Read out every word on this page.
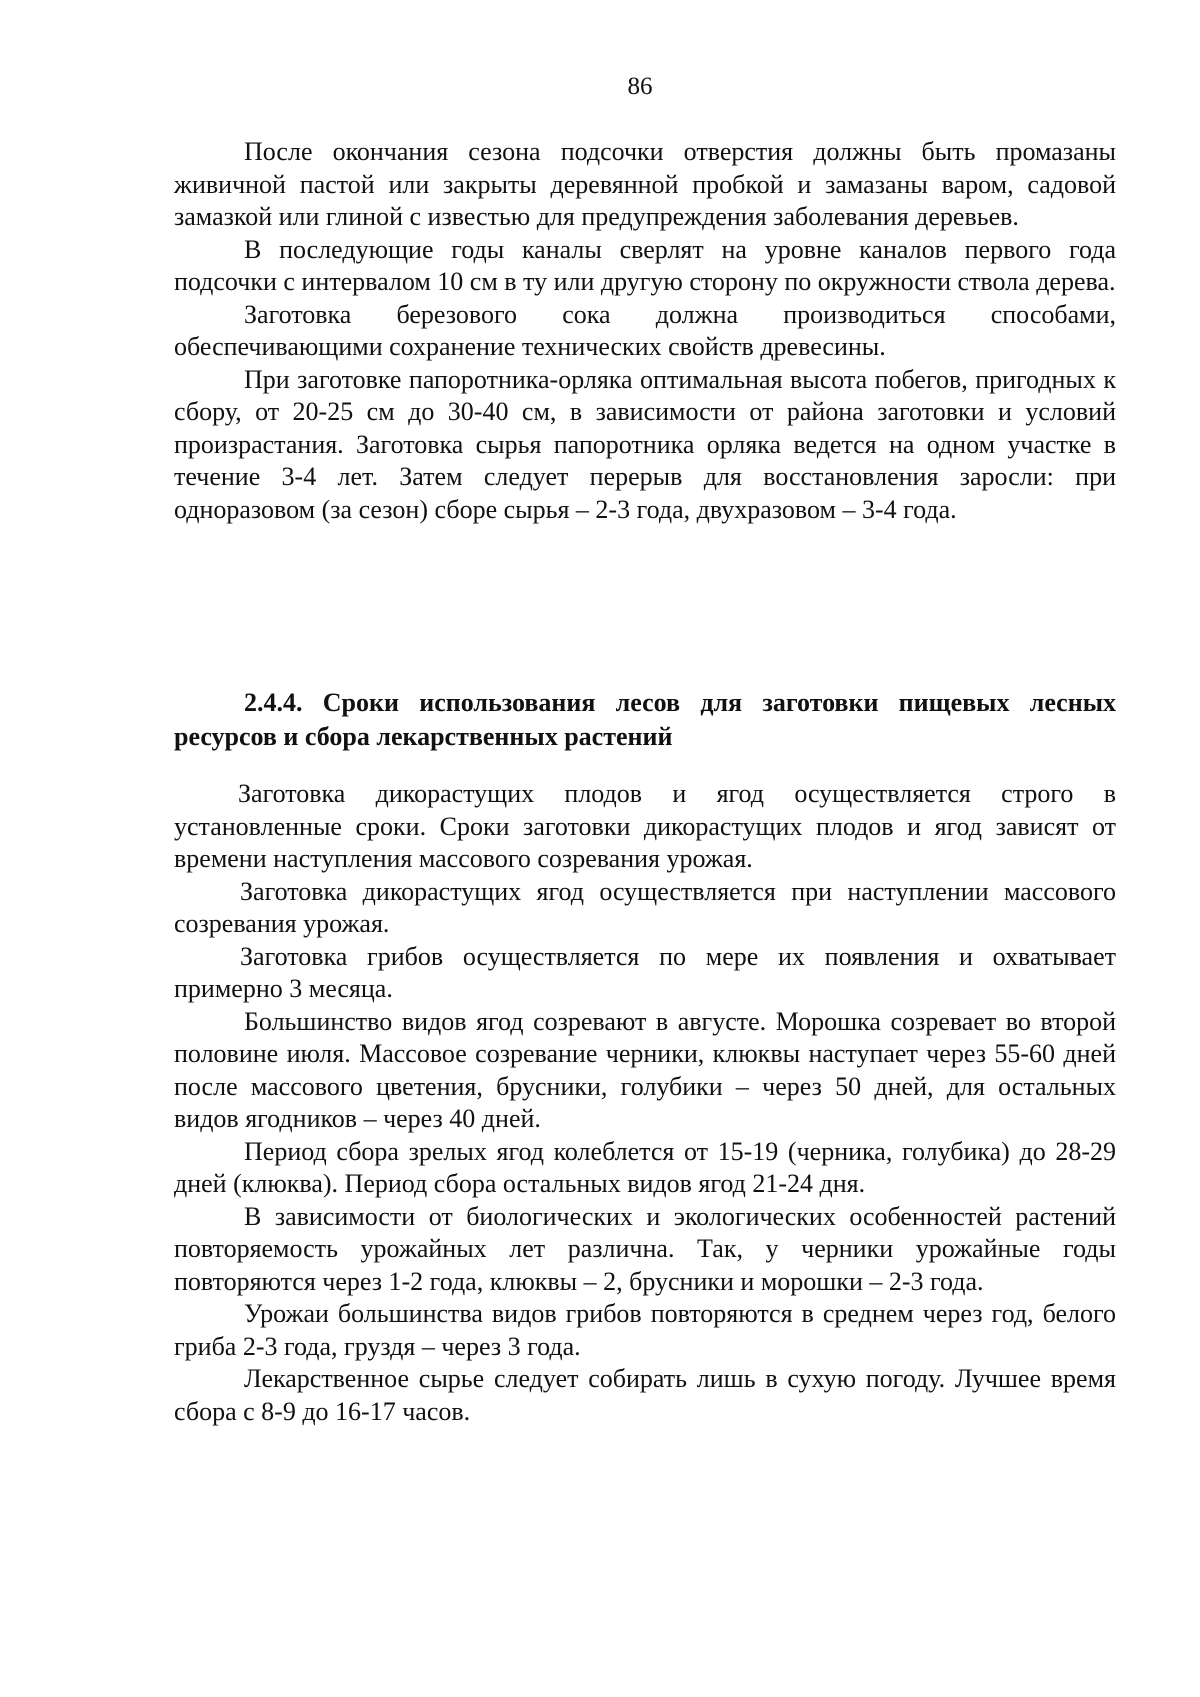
86

После окончания сезона подсочки отверстия должны быть промазаны живичной пастой или закрыты деревянной пробкой и замазаны варом, садовой замазкой или глиной с известью для предупреждения заболевания деревьев.

В последующие годы каналы сверлят на уровне каналов первого года подсочки с интервалом 10 см в ту или другую сторону по окружности ствола дерева.

Заготовка березового сока должна производиться способами, обеспечивающими сохранение технических свойств древесины.

При заготовке папоротника-орляка оптимальная высота побегов, пригодных к сбору, от 20-25 см до 30-40 см, в зависимости от района заготовки и условий произрастания. Заготовка сырья папоротника орляка ведется на одном участке в течение 3-4 лет. Затем следует перерыв для восстановления заросли: при одноразовом (за сезон) сборе сырья – 2-3 года, двухразовом – 3-4 года.

2.4.4. Сроки использования лесов для заготовки пищевых лесных ресурсов и сбора лекарственных растений

Заготовка дикорастущих плодов и ягод осуществляется строго в установленные сроки. Сроки заготовки дикорастущих плодов и ягод зависят от времени наступления массового созревания урожая.

Заготовка дикорастущих ягод осуществляется при наступлении массового созревания урожая.

Заготовка грибов осуществляется по мере их появления и охватывает примерно 3 месяца.

Большинство видов ягод созревают в августе. Морошка созревает во второй половине июля. Массовое созревание черники, клюквы наступает через 55-60 дней после массового цветения, брусники, голубики – через 50 дней, для остальных видов ягодников – через 40 дней.

Период сбора зрелых ягод колеблется от 15-19 (черника, голубика) до 28-29 дней (клюква). Период сбора остальных видов ягод 21-24 дня.

В зависимости от биологических и экологических особенностей растений повторяемость урожайных лет различна. Так, у черники урожайные годы повторяются через 1-2 года, клюквы – 2, брусники и морошки – 2-3 года.

Урожаи большинства видов грибов повторяются в среднем через год, белого гриба 2-3 года, груздя – через 3 года.

Лекарственное сырье следует собирать лишь в сухую погоду. Лучшее время сбора с 8-9 до 16-17 часов.
